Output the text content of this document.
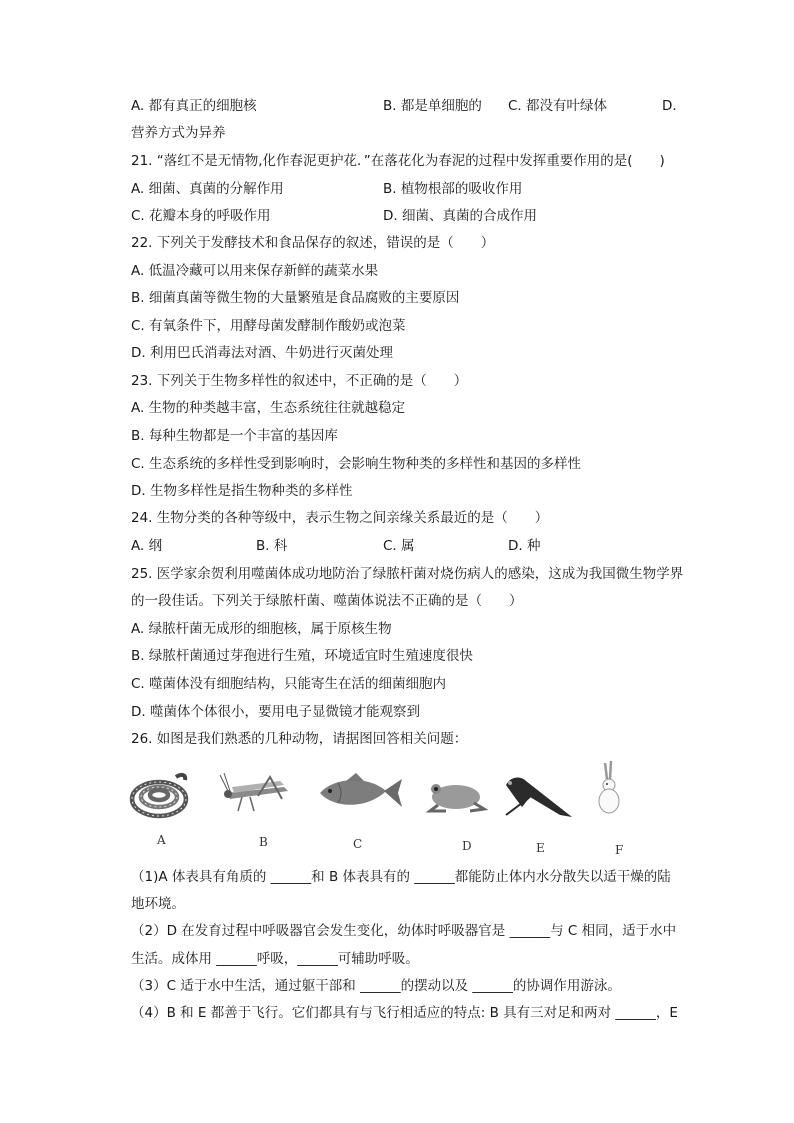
A. 都有真正的细胞核	B. 都是单细胞的 C. 都没有叶绿体	D.
营养方式为异养
21. “落红不是无情物,化作春泥更护花．”在落花化为春泥的过程中发挥重要作用的是(　　)
A. 细菌、真菌的分解作用	B. 植物根部的吸收作用
C. 花瓣本身的呼吸作用	D. 细菌、真菌的合成作用
22. 下列关于发酵技术和食品保存的叙述，错误的是（　　）
A. 低温冷藏可以用来保存新鲜的蔬菜水果
B. 细菌真菌等微生物的大量繁殖是食品腐败的主要原因
C. 有氧条件下，用酵母菌发酵制作酸奶或泡菜
D. 利用巴氏消毒法对酒、牛奶进行灭菌处理
23. 下列关于生物多样性的叙述中，不正确的是（　　）
A. 生物的种类越丰富，生态系统往往就越稳定
B. 每种生物都是一个丰富的基因库
C. 生态系统的多样性受到影响时，会影响生物种类的多样性和基因的多样性
D. 生物多样性是指生物种类的多样性
24. 生物分类的各种等级中，表示生物之间亲缘关系最近的是（　　）
A. 纲	B. 科	C. 属	D. 种
25. 医学家余贺利用噬菌体成功地防治了绿脓杆菌对烧伤病人的感染，这成为我国微生物学界
的一段佳话。下列关于绿脓杆菌、噬菌体说法不正确的是（　　）
A. 绿脓杆菌无成形的细胞核，属于原核生物
B. 绿脓杆菌通过芽孢进行生殖，环境适宜时生殖速度很快
C. 噬菌体没有细胞结构，只能寄生在活的细菌细胞内
D. 噬菌体个体很小，要用电子显微镜才能观察到
26. 如图是我们熟悉的几种动物，请据图回答相关问题：
A	B	C	D	E	F
（1)A 体表具有角质的 ______和 B 体表具有的 ______都能防止体内水分散失以适干燥的陆
地环境。
（2）D 在发育过程中呼吸器官会发生变化，幼体时呼吸器官是 ______与 C 相同，适于水中
生活。成体用 ______呼吸，______可辅助呼吸。
（3）C 适于水中生活，通过躯干部和 ______的摆动以及 ______的协调作用游泳。
（4）B 和 E 都善于飞行。它们都具有与飞行相适应的特点: B 具有三对足和两对 ______，E
